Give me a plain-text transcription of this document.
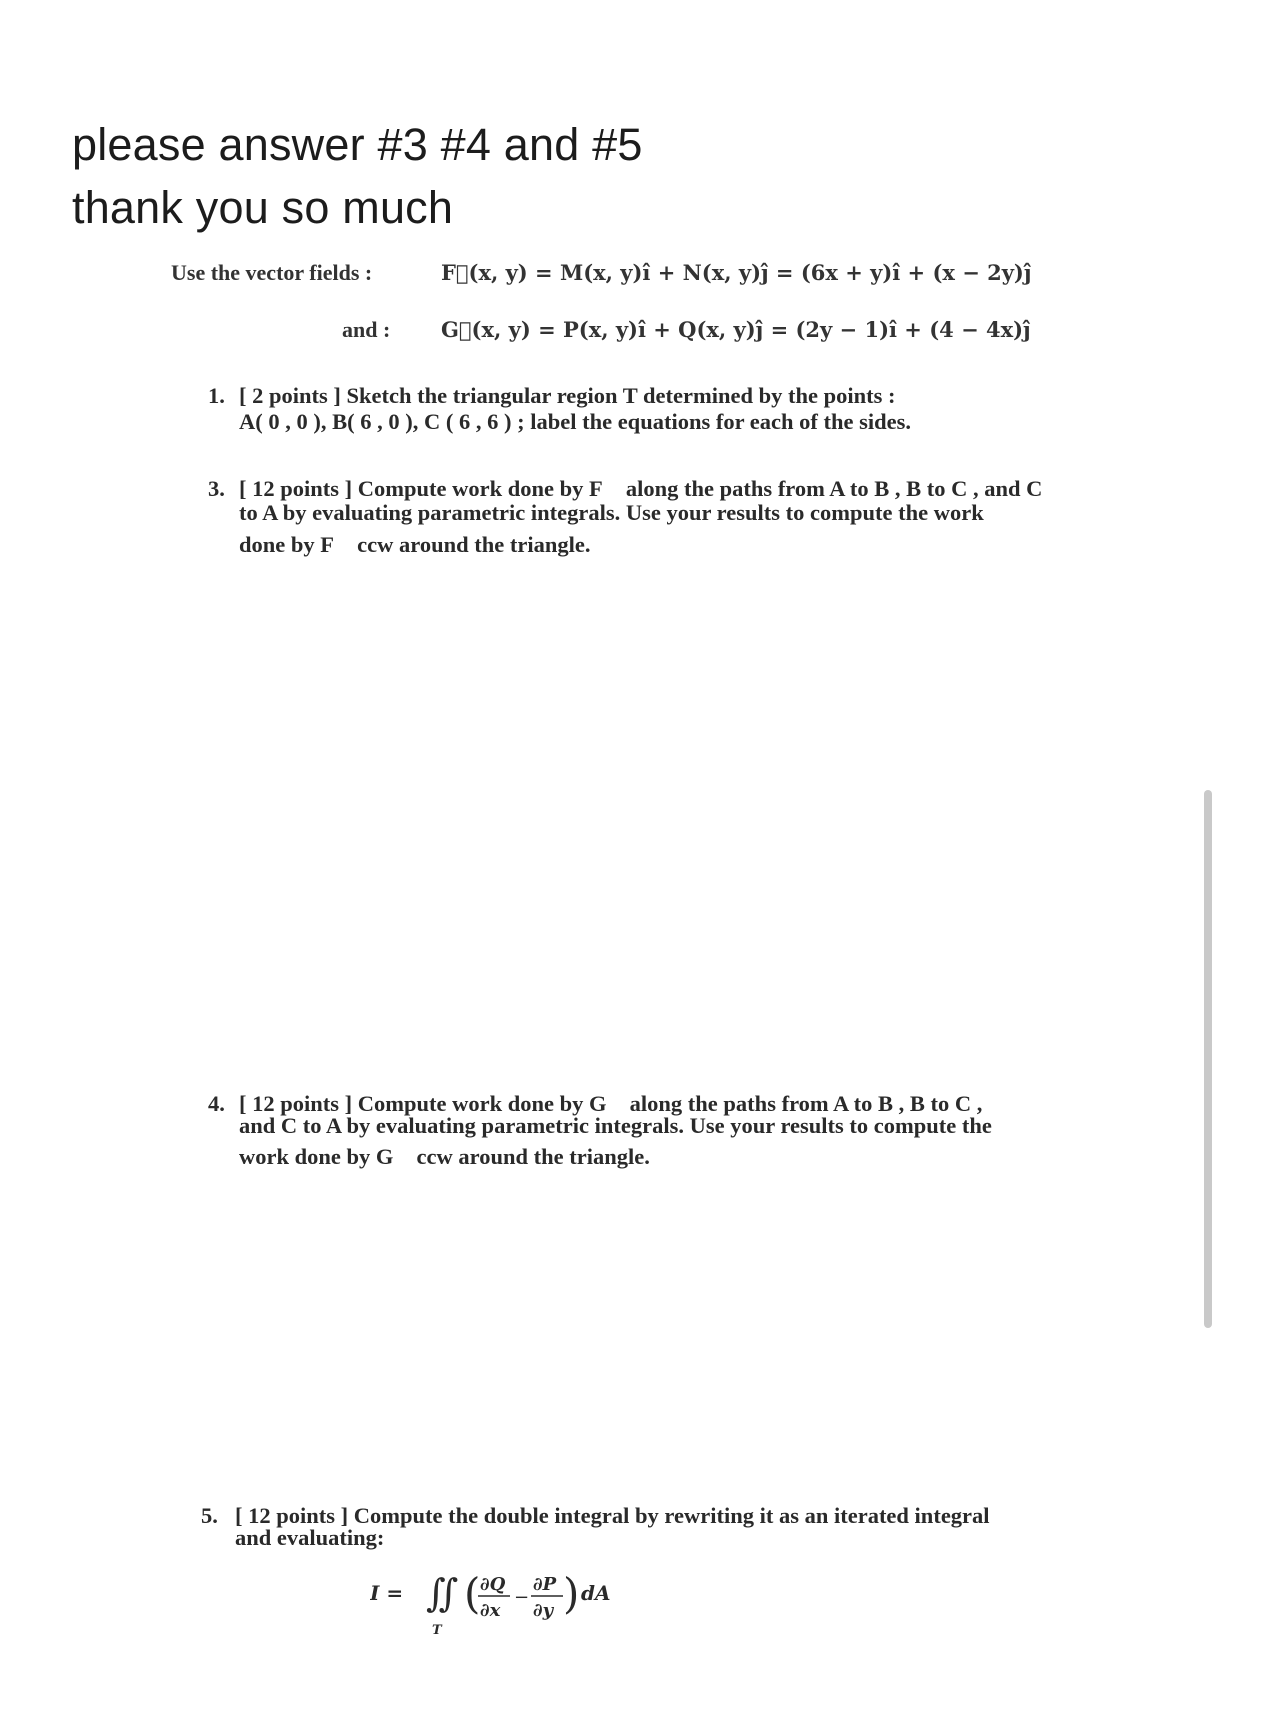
please answer #3 #4 and #5
thank you so much
Use the vector fields :	F⃗(x, y) = M(x, y)î + N(x, y)ĵ = (6x + y)î + (x − 2y)ĵ
and : G⃗(x, y) = P(x, y)î + Q(x, y)ĵ = (2y − 1)î + (4 − 4x)ĵ
1. [ 2 points ] Sketch the triangular region T determined by the points :
A( 0 , 0 ), B( 6 , 0 ), C ( 6 , 6 ) ; label the equations for each of the sides.
3. [ 12 points ] Compute work done by F⃗ along the paths from A to B , B to C , and C
to A by evaluating parametric integrals. Use your results to compute the work
done by F⃗ ccw around the triangle.
4. [ 12 points ] Compute work done by G⃗ along the paths from A to B , B to C ,
and C to A by evaluating parametric integrals. Use your results to compute the
work done by G⃗ ccw around the triangle.
5. [ 12 points ] Compute the double integral by rewriting it as an iterated integral
and evaluating:
I = ∬
T
( ∂Q
∂x
−
∂P
∂y ) dA
